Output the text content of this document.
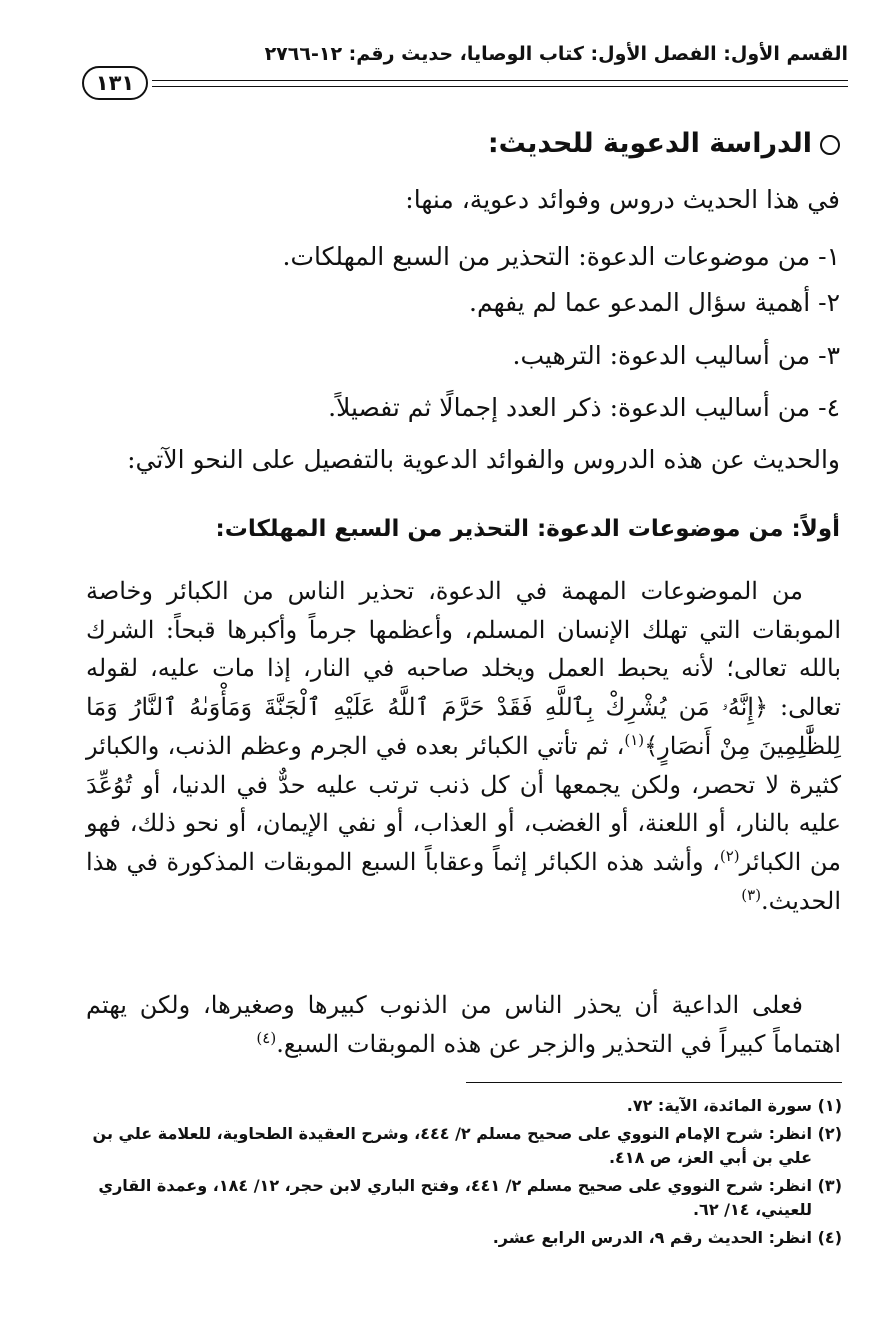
القسم الأول: الفصل الأول: كتاب الوصايا، حديث رقم: ١٢-٢٧٦٦
١٣١
الدراسة الدعوية للحديث:
في هذا الحديث دروس وفوائد دعوية، منها:
١- من موضوعات الدعوة: التحذير من السبع المهلكات.
٢- أهمية سؤال المدعو عما لم يفهم.
٣- من أساليب الدعوة: الترهيب.
٤- من أساليب الدعوة: ذكر العدد إجمالًا ثم تفصيلاً.
والحديث عن هذه الدروس والفوائد الدعوية بالتفصيل على النحو الآتي:
أولاً: من موضوعات الدعوة: التحذير من السبع المهلكات:

من الموضوعات المهمة في الدعوة، تحذير الناس من الكبائر وخاصة الموبقات التي تهلك الإنسان المسلم، وأعظمها جرماً وأكبرها قبحاً: الشرك بالله تعالى؛ لأنه يحبط العمل ويخلد صاحبه في النار، إذا مات عليه، لقوله تعالى: ﴿إِنَّهُۥ مَن يُشْرِكْ بِٱللَّهِ فَقَدْ حَرَّمَ ٱللَّهُ عَلَيْهِ ٱلْجَنَّةَ وَمَأْوَىٰهُ ٱلنَّارُ وَمَا لِلظَّٰلِمِينَ مِنْ أَنصَارٍ﴾$^{(١)}$، ثم تأتي الكبائر بعده في الجرم وعظم الذنب، والكبائر كثيرة لا تحصر، ولكن يجمعها أن كل ذنب ترتب عليه حدٌّ في الدنيا، أو تُوُعِّدَ عليه بالنار، أو اللعنة، أو الغضب، أو العذاب، أو نفي الإيمان، أو نحو ذلك، فهو من الكبائر$^{(٢)}$، وأشد هذه الكبائر إثماً وعقاباً السبع الموبقات المذكورة في هذا الحديث.$^{(٣)}$

فعلى الداعية أن يحذر الناس من الذنوب كبيرها وصغيرها، ولكن يهتم اهتماماً كبيراً في التحذير والزجر عن هذه الموبقات السبع.$^{(٤)}$

(١)
سورة المائدة، الآية: ٧٢.
(٢)
انظر: شرح الإمام النووي على صحيح مسلم ٢/ ٤٤٤، وشرح العقيدة الطحاوية، للعلامة علي بن علي بن أبي العز، ص ٤١٨.
(٣)
انظر: شرح النووي على صحيح مسلم ٢/ ٤٤١، وفتح الباري لابن حجر، ١٢/ ١٨٤، وعمدة القاري للعيني، ١٤/ ٦٢.
(٤)
انظر: الحديث رقم ٩، الدرس الرابع عشر.
